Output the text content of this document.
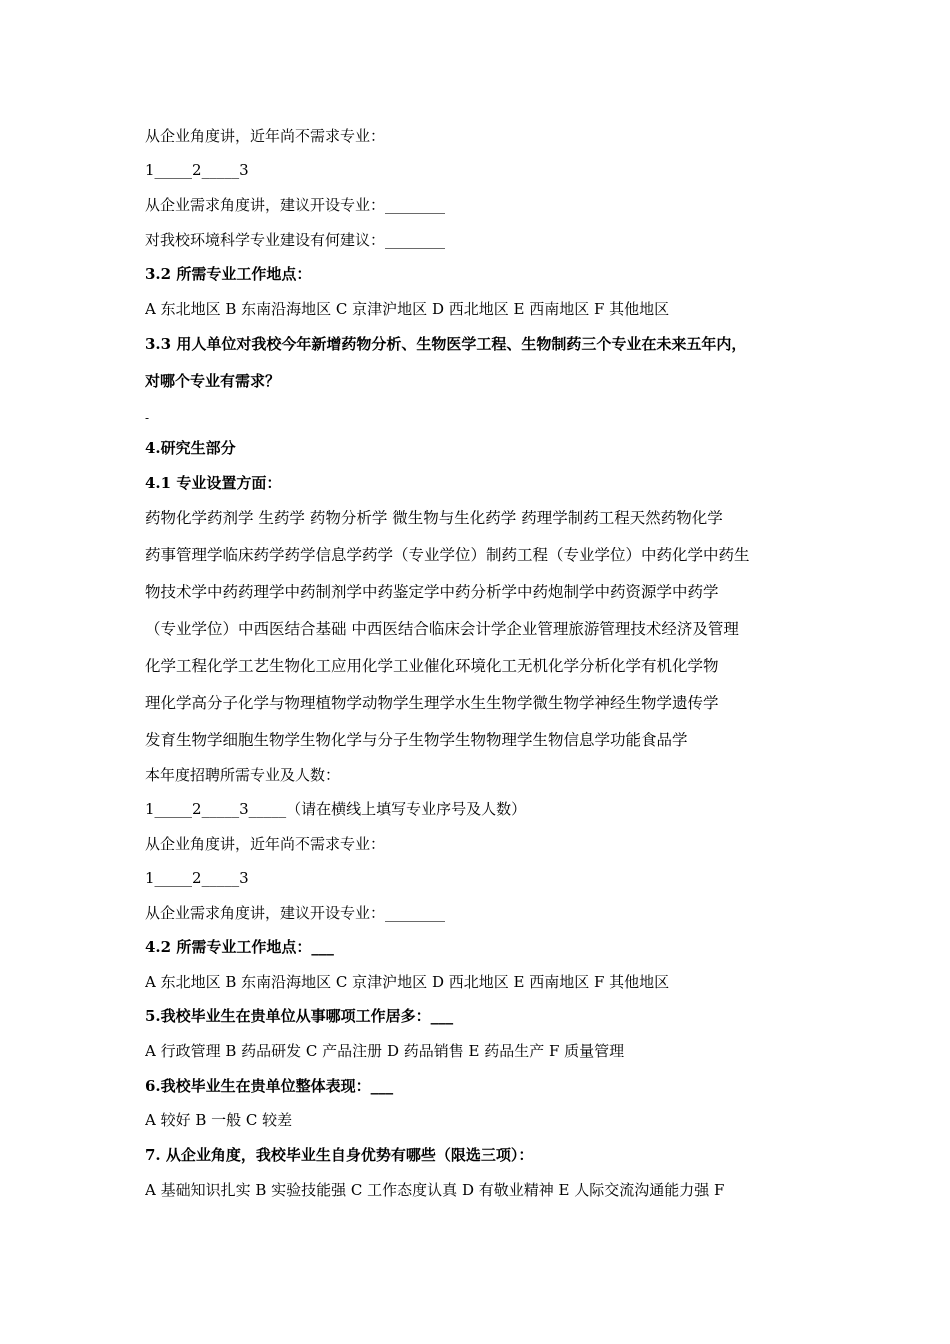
从企业角度讲，近年尚不需求专业：
1_____2_____3
从企业需求角度讲，建议开设专业：________
对我校环境科学专业建设有何建议：________
3.2 所需专业工作地点：
A 东北地区 B 东南沿海地区 C 京津沪地区 D 西北地区 E 西南地区 F 其他地区
3.3 用人单位对我校今年新增药物分析、生物医学工程、生物制药三个专业在未来五年内，
对哪个专业有需求？
-
4.研究生部分
4.1 专业设置方面：
药物化学药剂学 生药学 药物分析学 微生物与生化药学 药理学制药工程天然药物化学
药事管理学临床药学药学信息学药学（专业学位）制药工程（专业学位）中药化学中药生
物技术学中药药理学中药制剂学中药鉴定学中药分析学中药炮制学中药资源学中药学
（专业学位）中西医结合基础 中西医结合临床会计学企业管理旅游管理技术经济及管理
化学工程化学工艺生物化工应用化学工业催化环境化工无机化学分析化学有机化学物
理化学高分子化学与物理植物学动物学生理学水生生物学微生物学神经生物学遗传学
发育生物学细胞生物学生物化学与分子生物学生物物理学生物信息学功能食品学
本年度招聘所需专业及人数：
1_____2_____3_____（请在横线上填写专业序号及人数）
从企业角度讲，近年尚不需求专业：
1_____2_____3
从企业需求角度讲，建议开设专业：________
4.2 所需专业工作地点：___
A 东北地区 B 东南沿海地区 C 京津沪地区 D 西北地区 E 西南地区 F 其他地区
5.我校毕业生在贵单位从事哪项工作居多：___
A 行政管理 B 药品研发 C 产品注册 D 药品销售 E 药品生产 F 质量管理
6.我校毕业生在贵单位整体表现：___
A 较好 B 一般 C 较差
7. 从企业角度，我校毕业生自身优势有哪些（限选三项）：
A 基础知识扎实 B 实验技能强 C 工作态度认真 D 有敬业精神 E 人际交流沟通能力强 F
